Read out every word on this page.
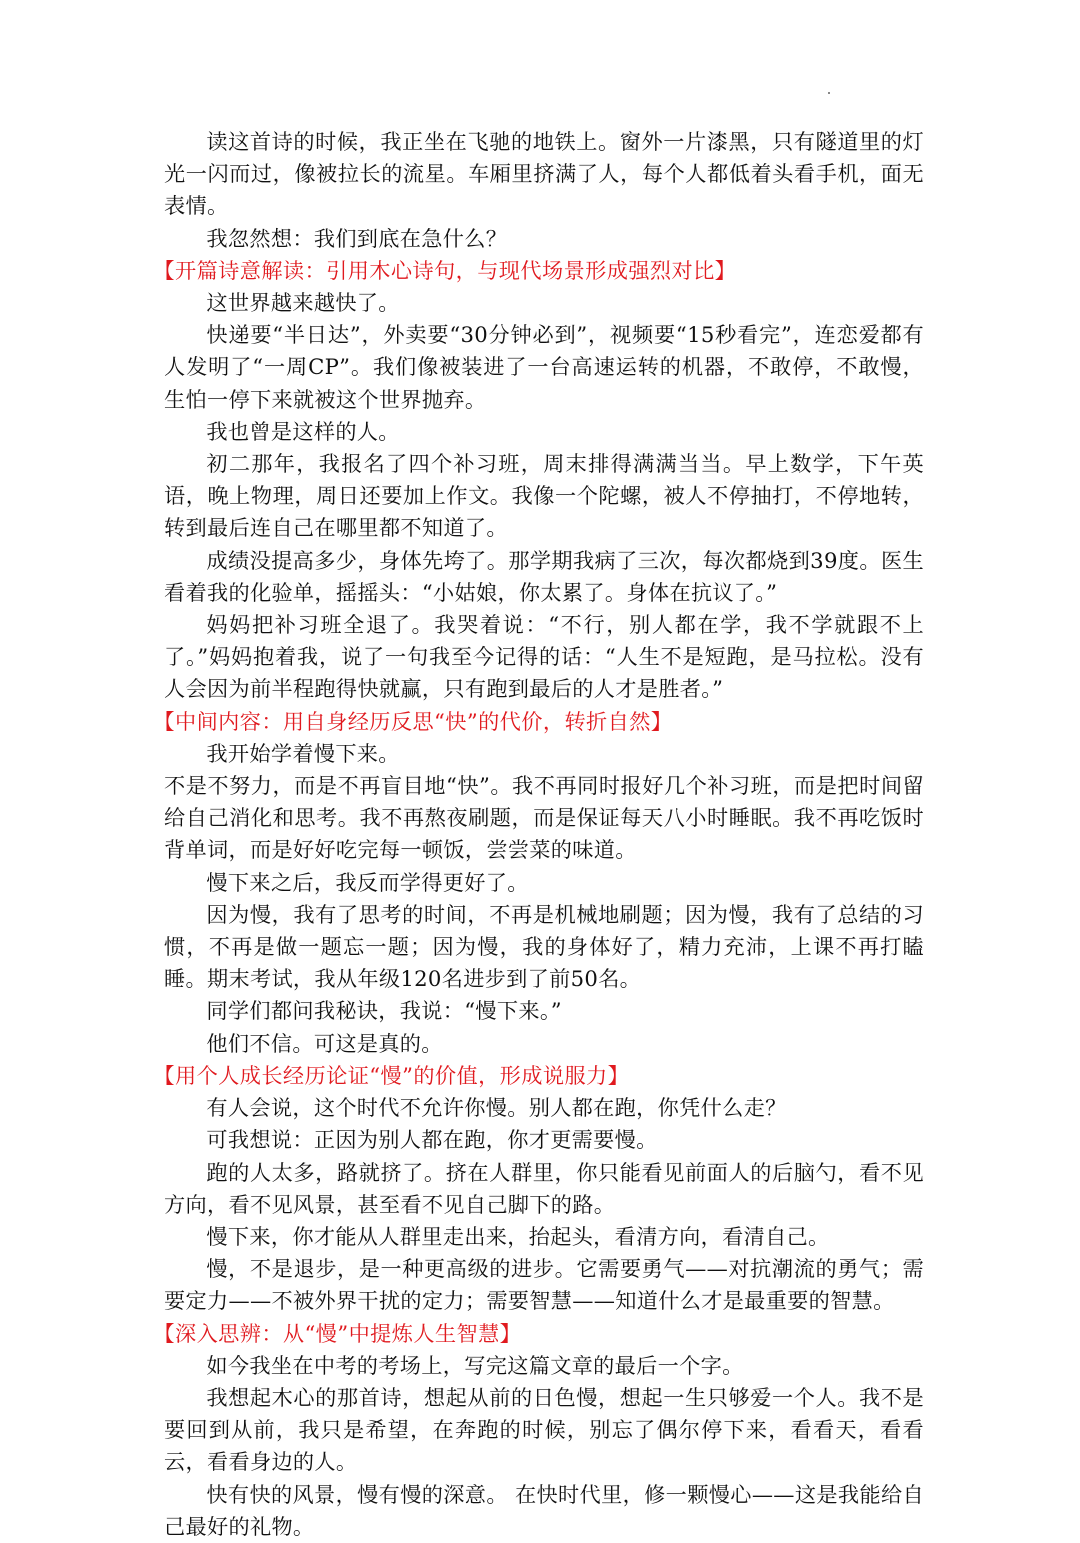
读这首诗的时候，我正坐在飞驰的地铁上。窗外一片漆黑，只有隧道里的灯光一闪而过，像被拉长的流星。车厢里挤满了人，每个人都低着头看手机，面无表情。

我忽然想：我们到底在急什么？

【开篇诗意解读：引用木心诗句，与现代场景形成强烈对比】

这世界越来越快了。

快递要“半日达”，外卖要“30分钟必到”，视频要“15秒看完”，连恋爱都有人发明了“一周CP”。我们像被装进了一台高速运转的机器，不敢停，不敢慢，生怕一停下来就被这个世界抛弃。

我也曾是这样的人。

初二那年，我报名了四个补习班，周末排得满满当当。早上数学，下午英语，晚上物理，周日还要加上作文。我像一个陀螺，被人不停抽打，不停地转，转到最后连自己在哪里都不知道了。

成绩没提高多少，身体先垮了。那学期我病了三次，每次都烧到39度。医生看着我的化验单，摇摇头：“小姑娘，你太累了。身体在抗议了。”

妈妈把补习班全退了。我哭着说：“不行，别人都在学，我不学就跟不上了。”妈妈抱着我，说了一句我至今记得的话：“人生不是短跑，是马拉松。没有人会因为前半程跑得快就赢，只有跑到最后的人才是胜者。”

【中间内容：用自身经历反思“快”的代价，转折自然】

我开始学着慢下来。

不是不努力，而是不再盲目地“快”。我不再同时报好几个补习班，而是把时间留给自己消化和思考。我不再熬夜刷题，而是保证每天八小时睡眠。我不再吃饭时背单词，而是好好吃完每一顿饭，尝尝菜的味道。

慢下来之后，我反而学得更好了。

因为慢，我有了思考的时间，不再是机械地刷题；因为慢，我有了总结的习惯，不再是做一题忘一题；因为慢，我的身体好了，精力充沛，上课不再打瞌睡。期末考试，我从年级120名进步到了前50名。

同学们都问我秘诀，我说：“慢下来。”

他们不信。可这是真的。

【用个人成长经历论证“慢”的价值，形成说服力】

有人会说，这个时代不允许你慢。别人都在跑，你凭什么走？

可我想说：正因为别人都在跑，你才更需要慢。

跑的人太多，路就挤了。挤在人群里，你只能看见前面人的后脑勺，看不见方向，看不见风景，甚至看不见自己脚下的路。

慢下来，你才能从人群里走出来，抬起头，看清方向，看清自己。

慢，不是退步，是一种更高级的进步。它需要勇气——对抗潮流的勇气；需要定力——不被外界干扰的定力；需要智慧——知道什么才是最重要的智慧。

【深入思辨：从“慢”中提炼人生智慧】

如今我坐在中考的考场上，写完这篇文章的最后一个字。

我想起木心的那首诗，想起从前的日色慢，想起一生只够爱一个人。我不是要回到从前，我只是希望，在奔跑的时候，别忘了偶尔停下来，看看天，看看云，看看身边的人。

快有快的风景，慢有慢的深意。 在快时代里，修一颗慢心——这是我能给自己最好的礼物。
